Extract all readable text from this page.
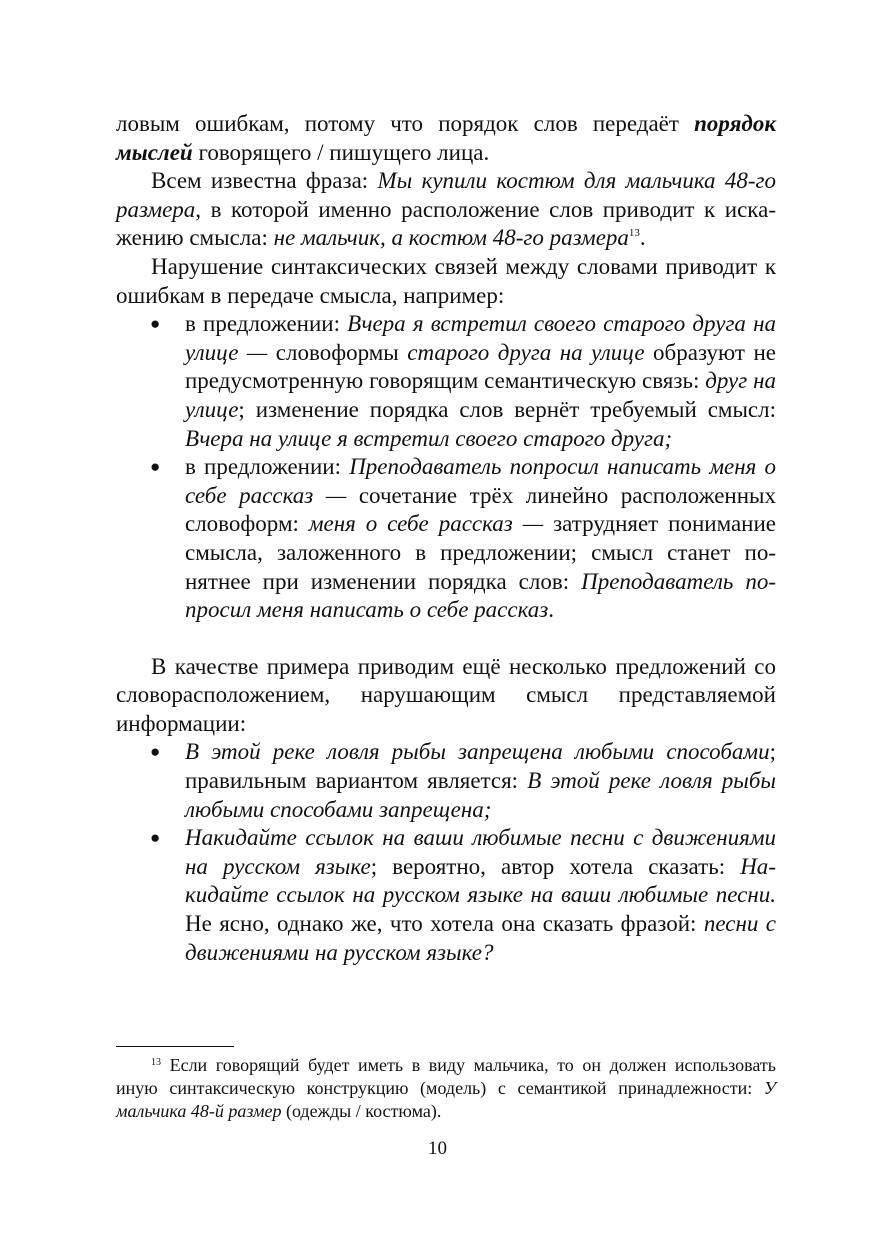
ловым ошибкам, потому что порядок слов передаёт порядок мыслей говорящего / пишущего лица.

Всем известна фраза: Мы купили костюм для мальчика 48-го размера, в которой именно расположение слов приводит к искажению смысла: не мальчик, а костюм 48-го размера$^{13}$.

Нарушение синтаксических связей между словами приводит к ошибкам в передаче смысла, например:

● в предложении: Вчера я встретил своего старого друга на улице — словоформы старого друга на улице образуют не предусмотренную говорящим семантическую связь: друг на улице; изменение порядка слов вернёт требуемый смысл: Вчера на улице я встретил своего старого друга;
● в предложении: Преподаватель попросил написать меня о себе рассказ — сочетание трёх линейно расположенных словоформ: меня о себе рассказ — затрудняет понимание смысла, заложенного в предложении; смысл станет понятнее при изменении порядка слов: Преподаватель попросил меня написать о себе рассказ.

В качестве примера приводим ещё несколько предложений со словорасположением, нарушающим смысл представляемой информации:

● В этой реке ловля рыбы запрещена любыми способами; правильным вариантом является: В этой реке ловля рыбы любыми способами запрещена;
● Накидайте ссылок на ваши любимые песни с движениями на русском языке; вероятно, автор хотела сказать: Накидайте ссылок на русском языке на ваши любимые песни. Не ясно, однако же, что хотела она сказать фразой: песни с движениями на русском языке?

$^{13}$ Если говорящий будет иметь в виду мальчика, то он должен использовать иную синтаксическую конструкцию (модель) с семантикой принадлежности: У мальчика 48-й размер (одежды / костюма).

10
